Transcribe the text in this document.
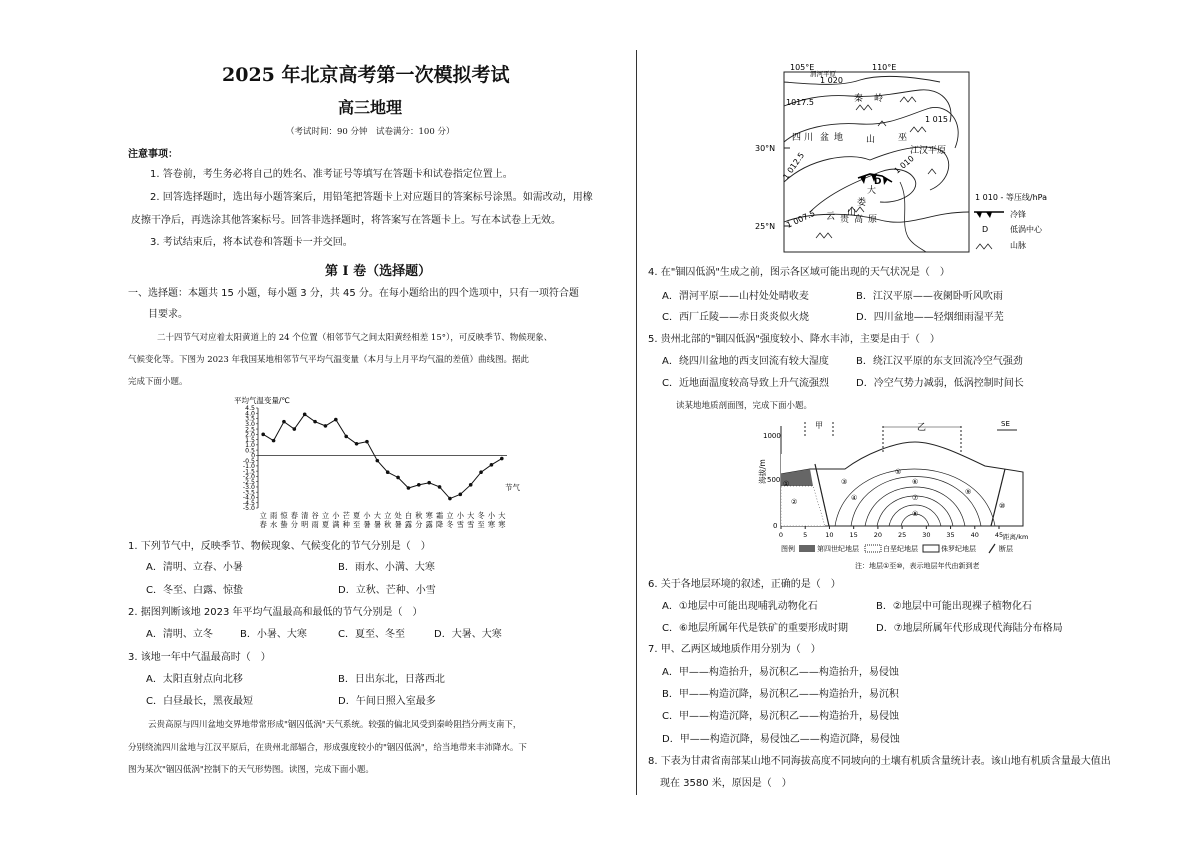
2025 年北京高考第一次模拟考试
高三地理
（考试时间：90 分钟　试卷满分：100 分）
注意事项：
1. 答卷前，考生务必将自己的姓名、准考证号等填写在答题卡和试卷指定位置上。
2. 回答选择题时，选出每小题答案后，用铅笔把答题卡上对应题目的答案标号涂黑。如需改动，用橡
皮擦干净后，再选涂其他答案标号。回答非选择题时，将答案写在答题卡上。写在本试卷上无效。
3. 考试结束后，将本试卷和答题卡一并交回。
第 I 卷（选择题）
一、选择题：本题共 15 小题，每小题 3 分，共 45 分。在每小题给出的四个选项中，只有一项符合题
目要求。
二十四节气对应着太阳黄道上的 24 个位置（相邻节气之间太阳黄经相差 15°），可反映季节、物候现象、
气候变化等。下图为 2023 年我国某地相邻节气平均气温变量（本月与上月平均气温的差值）曲线图。据此
完成下面小题。
平均气温变量/℃
节气
4.5
4.0
3.5
3.0
2.5
2.0
1.5
1.0
0.5
0
-0.5
-1.0
-1.5
-2.0
-2.5
-3.0
-3.5
-4.0
-4.5
-5.0
立
春
雨
水
惊
蛰
春
分
清
明
谷
雨
立
夏
小
满
芒
种
夏
至
小
暑
大
暑
立
秋
处
暑
白
露
秋
分
寒
露
霜
降
立
冬
小
雪
大
雪
冬
至
小
寒
大
寒
1. 下列节气中，反映季节、物候现象、气候变化的节气分别是（　）
A．清明、立春、小暑	B．雨水、小满、大寒
C．冬至、白露、惊蛰	D．立秋、芒种、小雪
2. 据图判断该地 2023 年平均气温最高和最低的节气分别是（　）
A．清明、立冬	B．小暑、大寒	C．夏至、冬至	D．大暑、大寒
3. 该地一年中气温最高时（　）
A．太阳直射点向北移	B．日出东北，日落西北
C．白昼最长，黑夜最短	D．午间日照入室最多
云贵高原与四川盆地交界地带常形成"锢囚低涡"天气系统。较强的偏北风受到秦岭阻挡分两支南下，
分别绕流四川盆地与江汉平原后，在贵州北部辐合，形成强度较小的"锢囚低涡"，给当地带来丰沛降水。下
图为某次"锢囚低涡"控制下的天气形势图。读图，完成下面小题。
105°E	110°E
30°N
25°N
1 020
1017.5
1 015
1 012.5	1 010
1 007.5
渭河平原
秦 岭
四 川 盆 地	巫
山
江汉平原
大
娄
山
云 贵 高 原
D
1 010 - 等压线/hPa
冷锋
D	低涡中心
山脉
4. 在"锢囚低涡"生成之前，图示各区域可能出现的天气状况是（　）
A．渭河平原——山村处处晴收麦	B．江汉平原——夜阑卧听风吹雨
C．西厂丘陵——赤日炎炎似火烧	D．四川盆地——轻烟细雨湿平芜
5. 贵州北部的"锢囚低涡"强度较小、降水丰沛，主要是由于（　）
A．绕四川盆地的西支回流有较大湿度	B．绕江汉平原的东支回流冷空气强劲
C．近地面温度较高导致上升气流强烈	D．冷空气势力减弱，低涡控制时间长
读某地地质剖面图，完成下面小题。
海拔/m
1000
500
0
甲	乙	SE
①
②
③
④
⑤
⑥
⑦
⑧
⑨
⑩
0	5	10 15 20 25 30 35 40 45 距离/km
图例	第四世纪地层	白垩纪地层	侏罗纪地层	断层
注：地层①至⑩，表示地层年代由新到老
6. 关于各地层环境的叙述，正确的是（　）
A．①地层中可能出现哺乳动物化石	B．②地层中可能出现裸子植物化石
C．⑥地层所属年代是铁矿的重要形成时期	D．⑦地层所属年代形成现代海陆分布格局
7. 甲、乙两区域地质作用分别为（　）
A．甲——构造抬升，易沉积乙——构造抬升，易侵蚀
B．甲——构造沉降，易沉积乙——构造抬升，易沉积
C．甲——构造沉降，易沉积乙——构造抬升，易侵蚀
D．甲——构造沉降，易侵蚀乙——构造沉降，易侵蚀
8. 下表为甘肃省南部某山地不同海拔高度不同坡向的土壤有机质含量统计表。该山地有机质含量最大值出
现在 3580 米，原因是（　）
